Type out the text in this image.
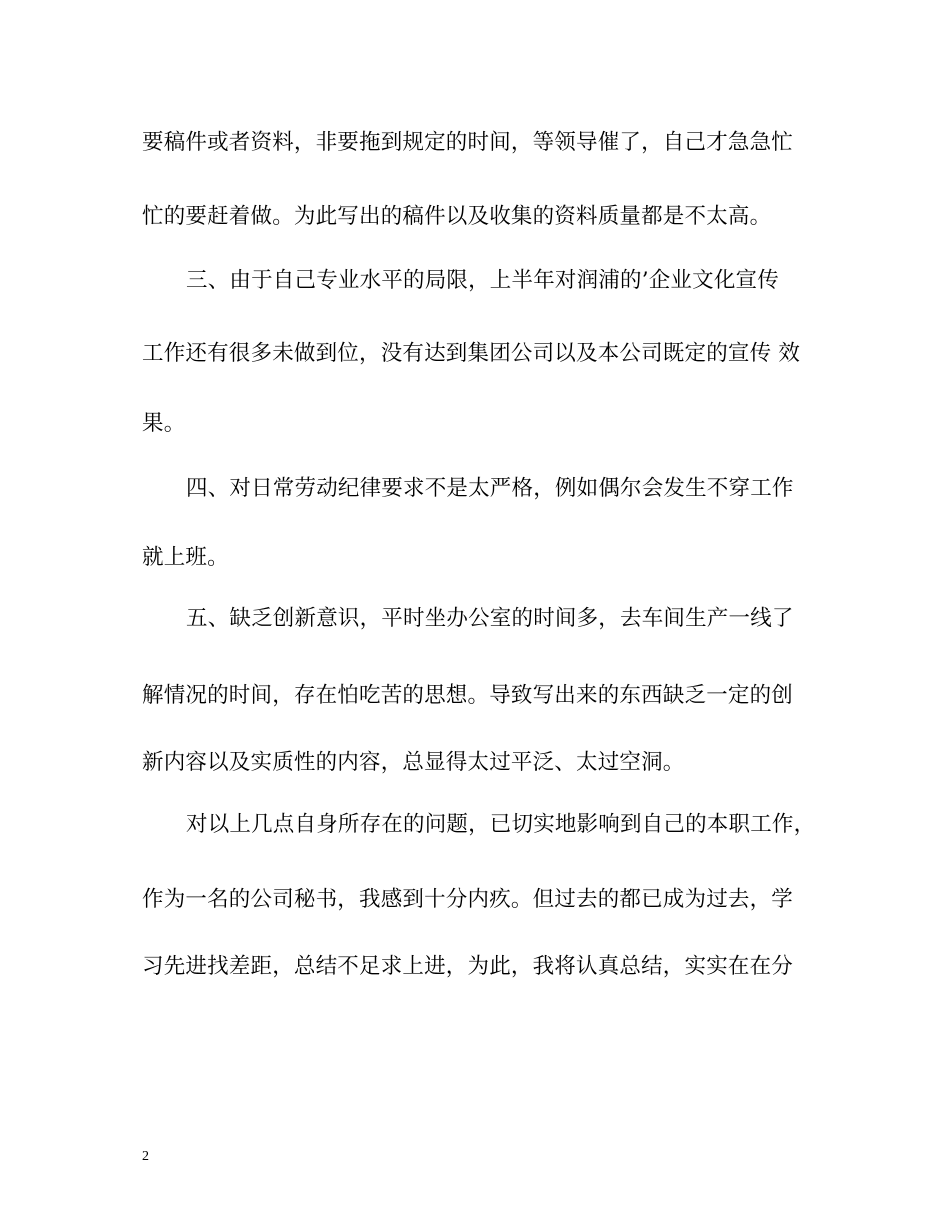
要稿件或者资料，非要拖到规定的时间，等领导催了，自己才急急忙
忙的要赶着做。为此写出的稿件以及收集的资料质量都是不太高。
三、由于自己专业水平的局限，上半年对润浦的’企业文化宣传
工作还有很多未做到位，没有达到集团公司以及本公司既定的宣传 效
果。
四、对日常劳动纪律要求不是太严格，例如偶尔会发生不穿工作
就上班。
五、缺乏创新意识，平时坐办公室的时间多，去车间生产一线了
解情况的时间，存在怕吃苦的思想。导致写出来的东西缺乏一定的创
新内容以及实质性的内容，总显得太过平泛、太过空洞。
对以上几点自身所存在的问题，已切实地影响到自己的本职工作，
作为一名的公司秘书，我感到十分内疚。但过去的都已成为过去，学
习先进找差距，总结不足求上进，为此，我将认真总结，实实在在分
2
